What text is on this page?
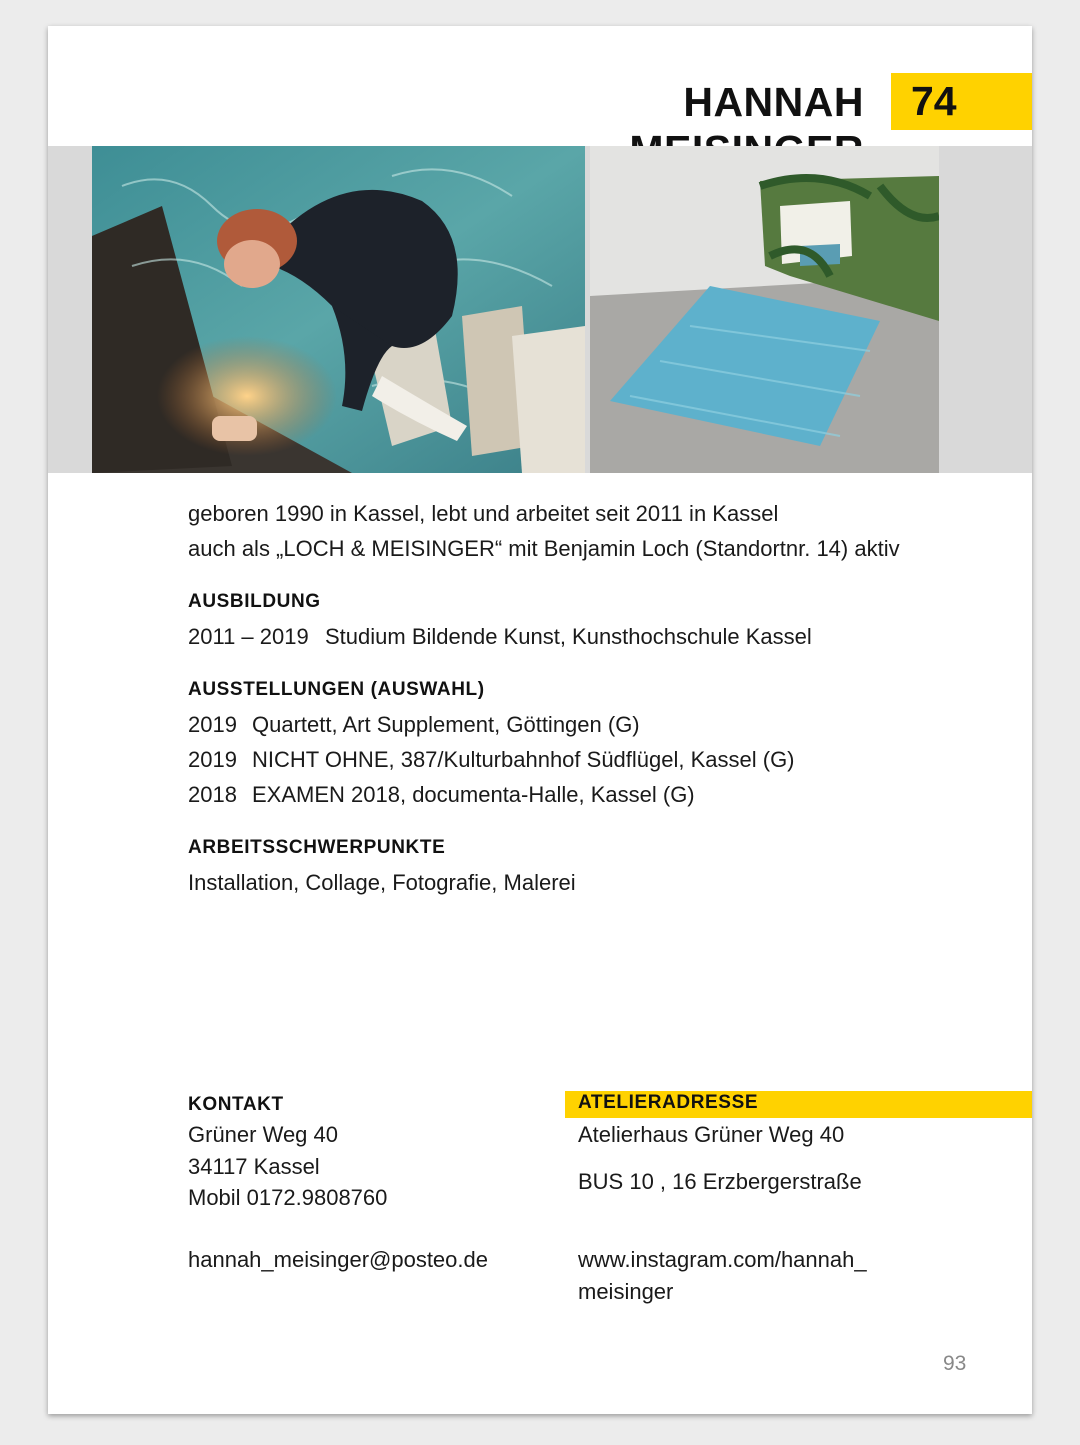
HANNAH	74
geboren 1990 in Kassel, lebt und arbeitet seit 2011 in Kassel
auch als „LOCH & MEISINGER“ mit Benjamin Loch (Standortnr. 14) aktiv
AUSBILDUNG
2011 – 2019 Studium Bildende Kunst, Kunsthochschule Kassel
AUSSTELLUNGEN (AUSWAHL)
2019 Quartett, Art Supplement, Göttingen (G)
2019 NICHT OHNE, 387/Kulturbahnhof Südflügel, Kassel (G)
2018 EXAMEN 2018, documenta-Halle, Kassel (G)
ARBEITSSCHWERPUNKTE
Installation, Collage, Fotografie, Malerei
KONTAKT
Grüner Weg 40
34117 Kassel
Mobil 0172.9808760
hannah_meisinger@posteo.de
ATELIERADRESSE
Atelierhaus Grüner Weg 40
BUS 10 , 16 Erzbergerstraße
www.instagram.com/hannah_
meisinger
93
